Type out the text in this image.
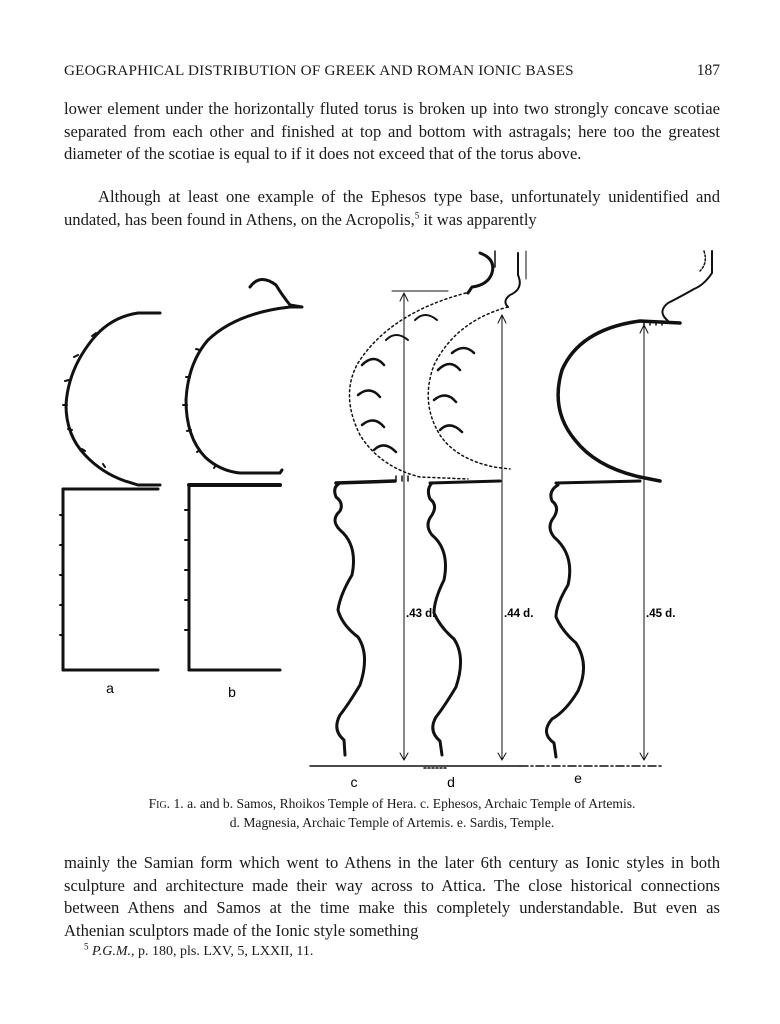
GEOGRAPHICAL DISTRIBUTION OF GREEK AND ROMAN IONIC BASES	187

lower element under the horizontally fluted torus is broken up into two strongly concave scotiae separated from each other and finished at top and bottom with astragals; here too the greatest diameter of the scotiae is equal to if it does not exceed that of the torus above.

Although at least one example of the Ephesos type base, unfortunately unidentified and undated, has been found in Athens, on the Acropolis,$^5$ it was apparently

a	b
c	d	e
.43 d.	.44 d.	.45 d.
Fig. 1. a. and b. Samos, Rhoikos Temple of Hera. c. Ephesos, Archaic Temple of Artemis.
d. Magnesia, Archaic Temple of Artemis. e. Sardis, Temple.

mainly the Samian form which went to Athens in the later 6th century as Ionic styles in both sculpture and architecture made their way across to Attica. The close historical connections between Athens and Samos at the time make this completely understandable. But even as Athenian sculptors made of the Ionic style something

$^5$ P.G.M., p. 180, pls. LXV, 5, LXXII, 11.
